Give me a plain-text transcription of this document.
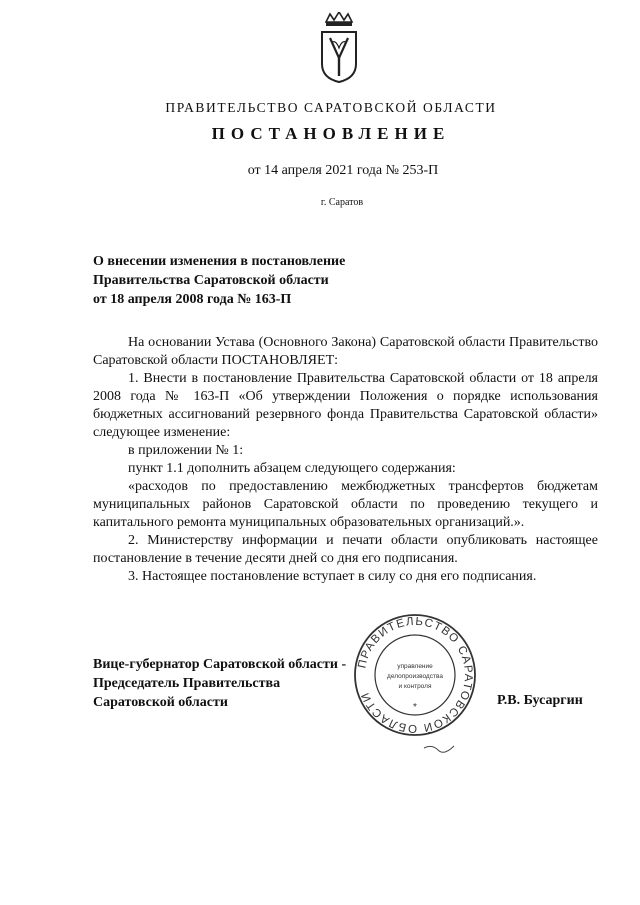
ПРАВИТЕЛЬСТВО САРАТОВСКОЙ ОБЛАСТИ
ПОСТАНОВЛЕНИЕ
от 14 апреля 2021 года № 253-П
г. Саратов
О внесении изменения в постановление
Правительства Саратовской области
от 18 апреля 2008 года № 163-П

На основании Устава (Основного Закона) Саратовской области Правительство Саратовской области ПОСТАНОВЛЯЕТ:

1. Внести в постановление Правительства Саратовской области от 18 апреля 2008 года № 163-П «Об утверждении Положения о порядке использования бюджетных ассигнований резервного фонда Правительства Саратовской области» следующее изменение:

в приложении № 1:

пункт 1.1 дополнить абзацем следующего содержания:

«расходов по предоставлению межбюджетных трансфертов бюджетам муниципальных районов Саратовской области по проведению текущего и капитального ремонта муниципальных образовательных организаций.».

2. Министерству информации и печати области опубликовать настоящее постановление в течение десяти дней со дня его подписания.

3. Настоящее постановление вступает в силу со дня его подписания.

Вице-губернатор Саратовской области -
Председатель Правительства
Саратовской области	Р.В. Бусаргин
ПРАВИТЕЛЬСТВО САРАТОВСКОЙ ОБЛАСТИ
управление
делопроизводства
и контроля
*
